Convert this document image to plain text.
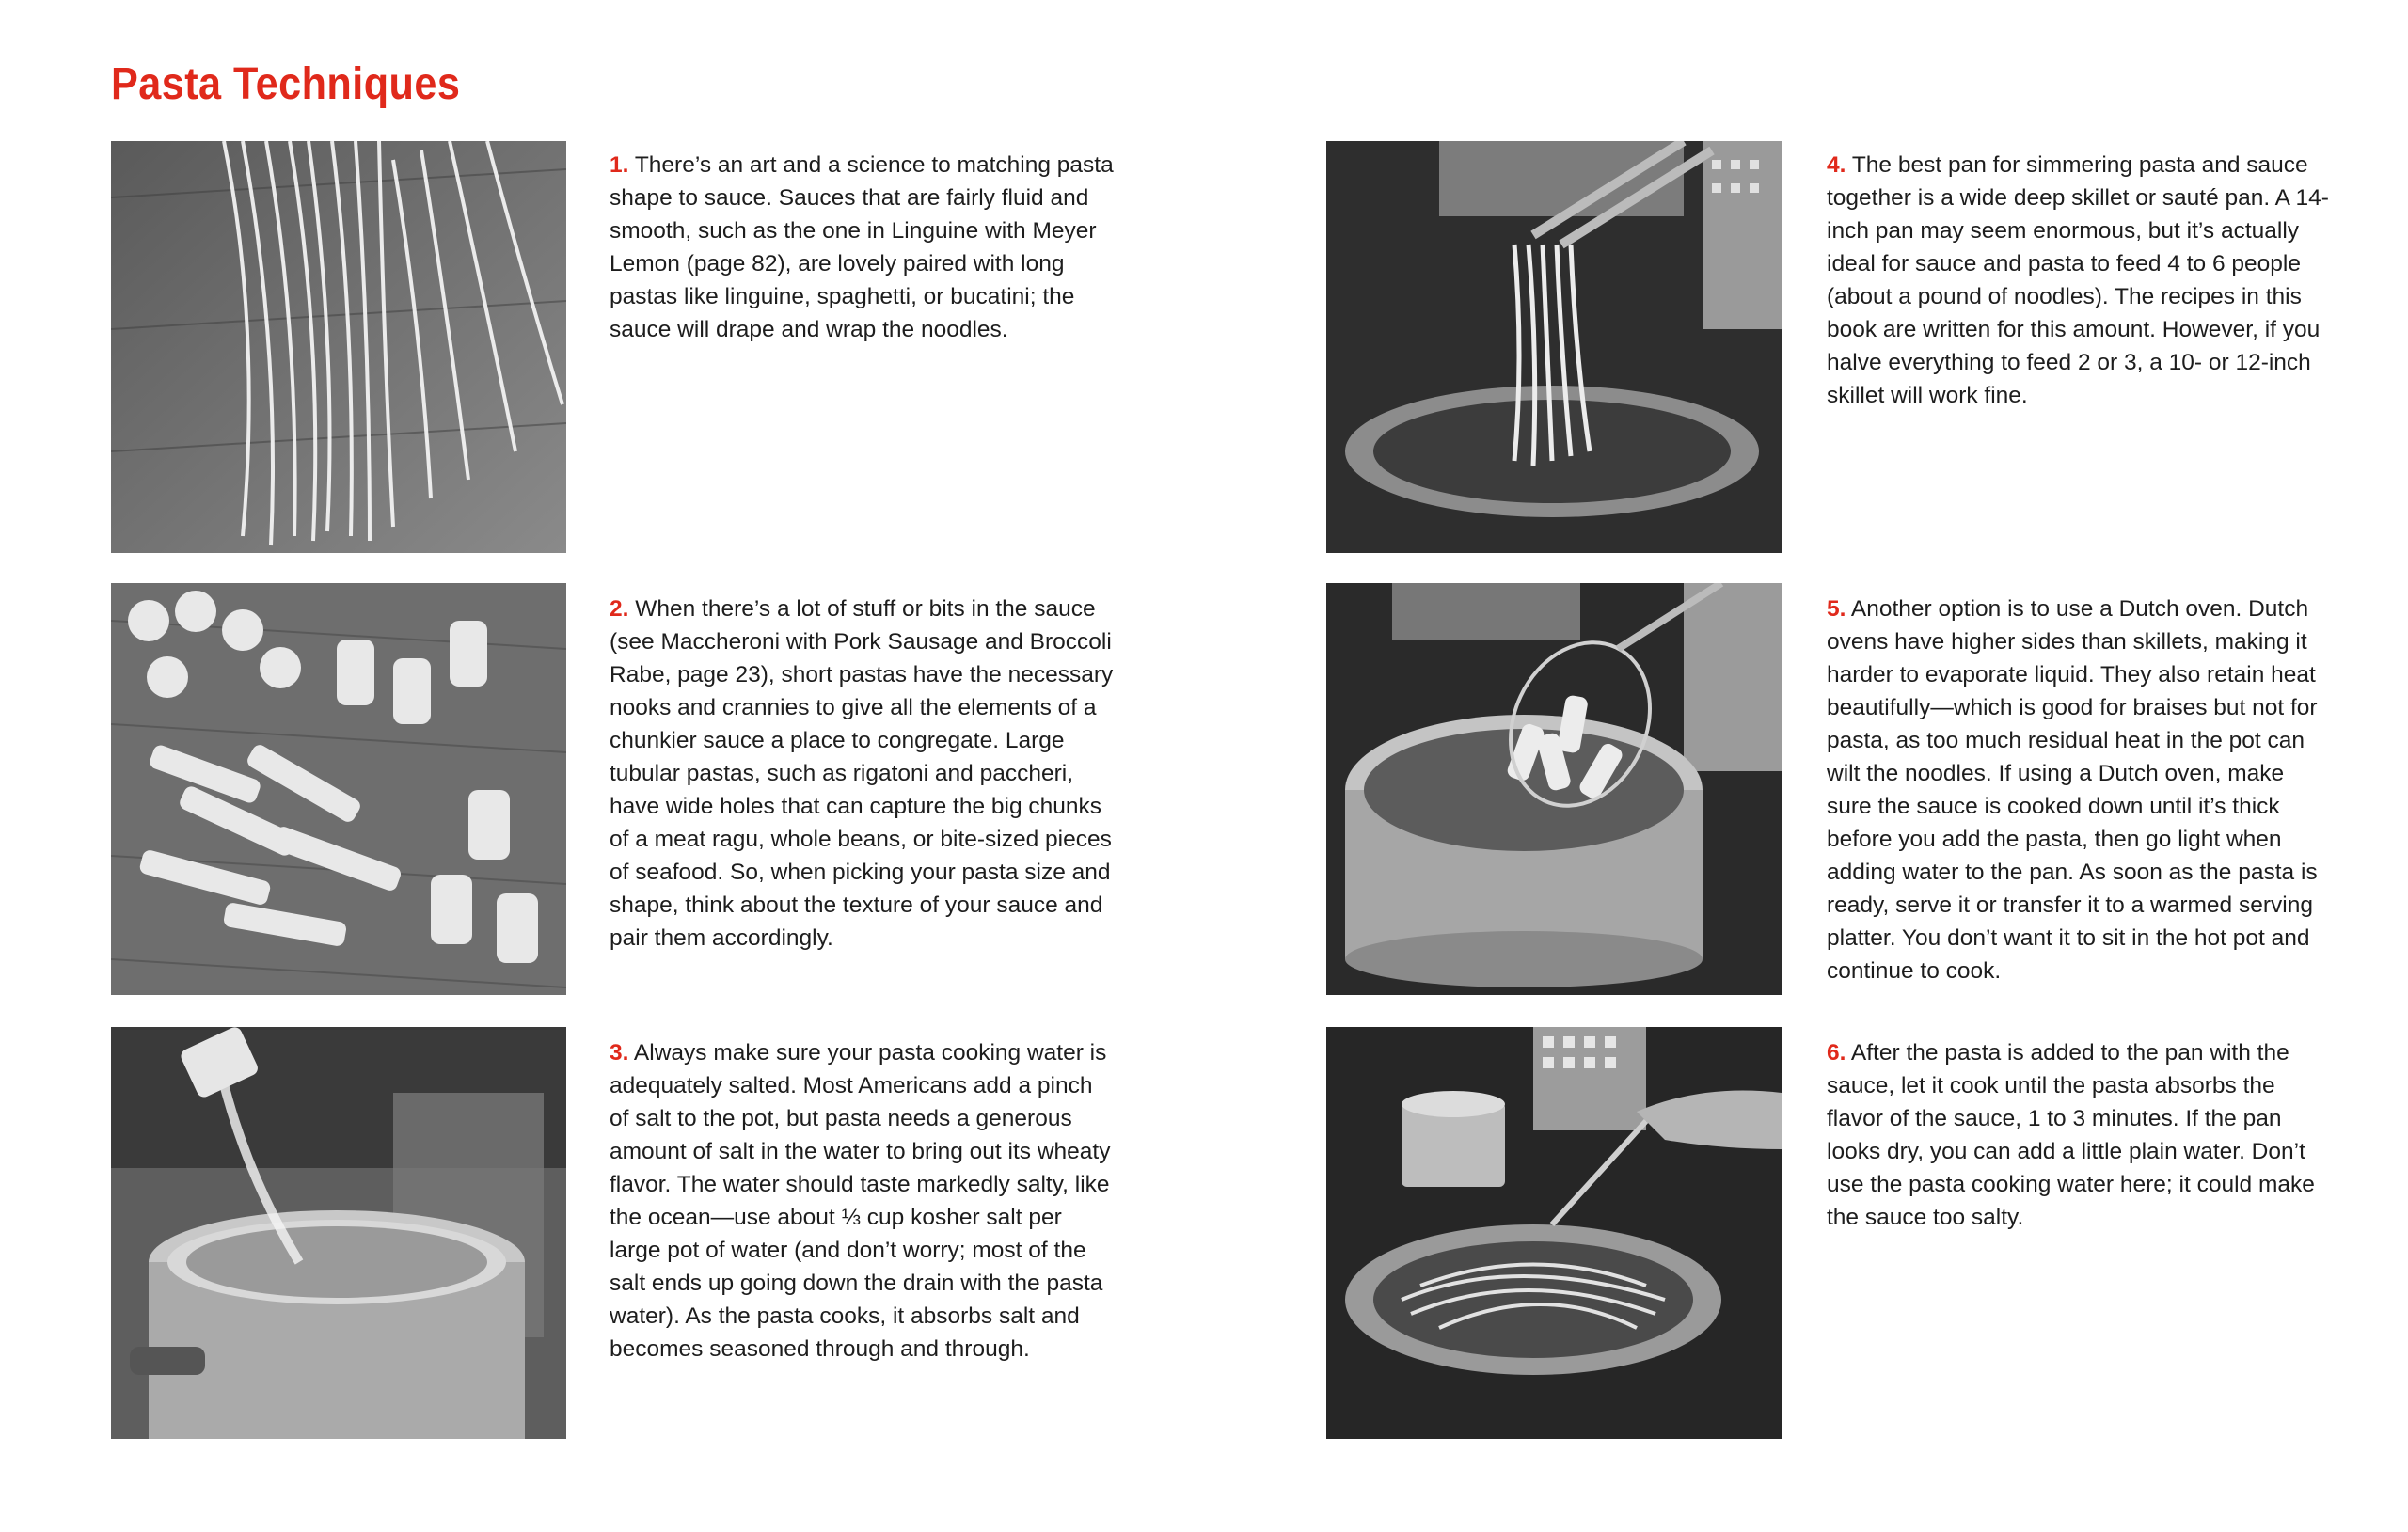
Pasta Techniques

1. There’s an art and a science to matching pasta shape to sauce. Sauces that are fairly fluid and smooth, such as the one in Linguine with Meyer Lemon (page 82), are lovely paired with long pastas like linguine, spaghetti, or bucatini; the sauce will drape and wrap the noodles.

2. When there’s a lot of stuff or bits in the sauce (see Maccheroni with Pork Sausage and Broccoli Rabe, page 23), short pastas have the necessary nooks and crannies to give all the elements of a chunkier sauce a place to congregate. Large tubular pastas, such as rigatoni and paccheri, have wide holes that can capture the big chunks of a meat ragu, whole beans, or bite-sized pieces of seafood. So, when picking your pasta size and shape, think about the texture of your sauce and pair them accordingly.

3. Always make sure your pasta cooking water is adequately salted. Most Americans add a pinch of salt to the pot, but pasta needs a generous amount of salt in the water to bring out its wheaty flavor. The water should taste markedly salty, like the ocean—use about ⅓ cup kosher salt per large pot of water (and don’t worry; most of the salt ends up going down the drain with the pasta water). As the pasta cooks, it absorbs salt and becomes seasoned through and through.

4. The best pan for simmering pasta and sauce together is a wide deep skillet or sauté pan. A 14-inch pan may seem enormous, but it’s actually ideal for sauce and pasta to feed 4 to 6 people (about a pound of noodles). The recipes in this book are written for this amount. However, if you halve everything to feed 2 or 3, a 10- or 12-inch skillet will work fine.

5. Another option is to use a Dutch oven. Dutch ovens have higher sides than skillets, making it harder to evaporate liquid. They also retain heat beautifully—which is good for braises but not for pasta, as too much residual heat in the pot can wilt the noodles. If using a Dutch oven, make sure the sauce is cooked down until it’s thick before you add the pasta, then go light when adding water to the pan. As soon as the pasta is ready, serve it or transfer it to a warmed serving platter. You don’t want it to sit in the hot pot and continue to cook.

6. After the pasta is added to the pan with the sauce, let it cook until the pasta absorbs the flavor of the sauce, 1 to 3 minutes. If the pan looks dry, you can add a little plain water. Don’t use the pasta cooking water here; it could make the sauce too salty.
